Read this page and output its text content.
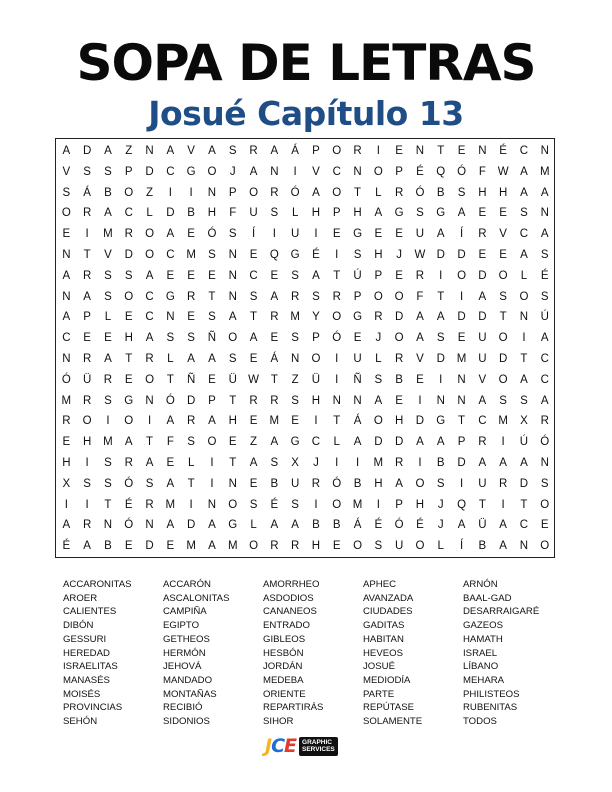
SOPA DE LETRAS
Josué Capítulo 13
A	D	A	Z	N	A	V	A	S	R	A	Á	P	O	R	I	E	N	T	E	N	É	C	N
V	S	S	P	D	C	G	O	J	A	N	I	V	C	N	O	P	É	Q	Ó	F	W A	M
S	Á	B	O	Z	I	I	N	P	O	R	Ó	A	O	T	L	R	Ó	B	S	H	H	A	A
O	R	A	C	L	D	B	H	F	U	S	L	H	P	H	A	G	S	G	A	E	E	S	N
E	I	M	R	O	A	E	Ó	S	Í	I	U	I	E	G	E	E	U	A	Í	R	V	C	A
N	T	V	D	O	C	M	S	N	E	Q	G	É	I	S	H	J	W D	D	E	E	A	S
A	R	S	S	A	E	E	E	N	C	E	S	A	T	Ú	P	E	R	I	O	D	O	L	É
N	A	S	O	C	G	R	T	N	S	A	R	S	R	P	O	O	F	T	I	A	S	O	S
A	P	L	E	C	N	E	S	A	T	R	M	Y	O	G	R	D	A	A	D	D	T	N	Ú
C	E	E	H	A	S	S	Ñ	O	A	E	S	P	Ó	E	J	O	A	S	E	U	O	I	A
N	R	A	T	R	L	A	A	S	E	Á	N	O	I	U	L	R	V	D	M	U	D	T	C
Ó	Ü	R	E	O	T	Ñ	E	Ü W	T	Z	Ü	I	Ñ	S	B	E	I	N	V	O	A	C
M	R	S	G	N	Ó	D	P	T	R	R	S	H	N	N	A	E	I	N	N	A	S	S	A
R	O	I	O	I	A	R	A	H	E	M	E	I	T	Á	O	H	D	G	T	C	M	X	R
E	H	M	A	T	F	S	O	E	Z	A	G	C	L	A	D	D	A	A	P	R	I	Ú	Ó
H	I	S	R	A	E	L	I	T	A	S	X	J	I	I	M	R	I	B	D	A	A	A	N
X	S	S	Ó	S	A	T	I	N	E	B	U	R	Ó	B	H	A	O	S	I	U	R	D	S
I	I	T	É	R	M	I	N	O	S	É	S	I	O M	I	P	H	J	Q	T	I	T	O
A	R	N	Ó	N	A	D	A	G	L	A	A	B	B	Á	É	Ó	É	J	A	Ü	A	C	E
É	A	B	E	D	E	M	A	M O	R	R	H	E	O	S	U	O	L	Í	B	A	N	O
ACCARONITAS	ACCARÓN	AMORRHEO	APHEC	ARNÓN
AROER	ASCALONITAS	ASDODIOS	AVANZADA	BAAL-GAD
CALIENTES	CAMPIÑA	CANANEOS	CIUDADES	DESARRAIGARÉ
DIBÓN	EGIPTO	ENTRADO	GADITAS	GAZEOS
GESSURI	GETHEOS	GIBLEOS	HABITAN	HAMATH
HEREDAD	HERMÓN	HESBÓN	HEVEOS	ISRAEL
ISRAELITAS	JEHOVÁ	JORDÁN	JOSUÉ	LÍBANO
MANASÉS	MANDADO	MEDEBA	MEDIODÍA	MEHARA
MOISÉS	MONTAÑAS	ORIENTE	PARTE	PHILISTEOS
PROVINCIAS	RECIBIÓ	REPARTIRÁS	REPÚTASE	RUBENITAS
SEHÓN	SIDONIOS	SIHOR	SOLAMENTE	TODOS
JCE GRAPHIC
SERVICES
